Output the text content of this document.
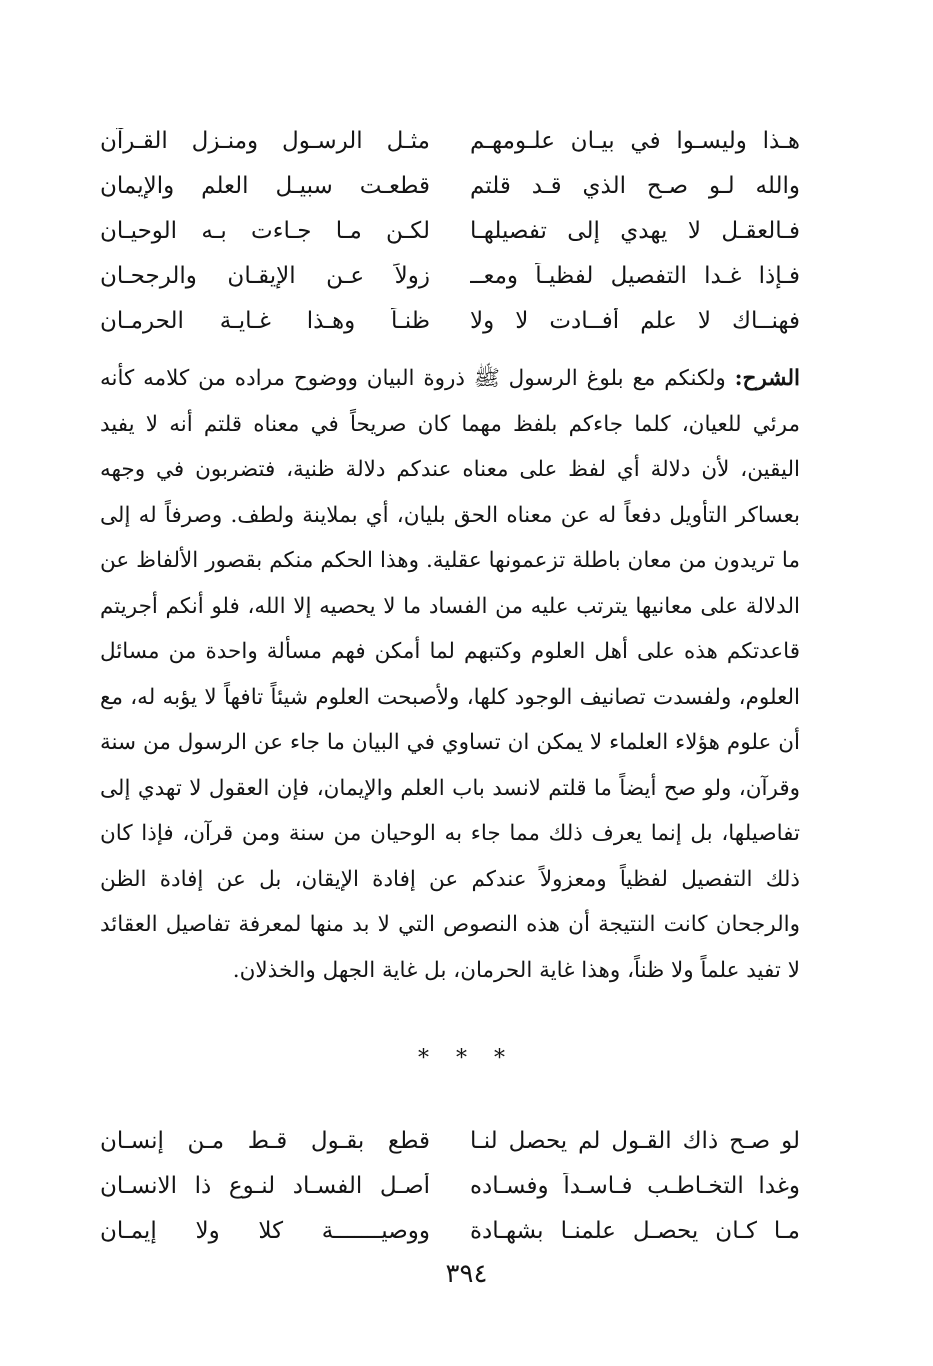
هـذا وليسـوا في بيـان علـومهـم
مثـل الرسـول ومنـزل القـرآن
والله لـو صـح الذي قـد قلتم
قطعـت سبيـل العلم والإيمان
فـالعقـل لا يهدي إلى تفصيلهـا
لكـن مـا جـاءت بـه الوحيـان
فـإذا غـدا التفصيل لفظيـاً ومعــ
زولاً عـن الإيقـان والرجحـان
فهنــاك لا علم أفــادت لا ولا
ظنـاً وهـذا غـايـة الحرمـان
الشرح: ولكنكم مع بلوغ الرسول ﷺ ذروة البيان ووضوح مراده من كلامه كأنه مرئي للعيان، كلما جاءكم بلفظ مهما كان صريحاً في معناه قلتم أنه لا يفيد اليقين، لأن دلالة أي لفظ على معناه عندكم دلالة ظنية، فتضربون في وجهه بعساكر التأويل دفعاً له عن معناه الحق بليان، أي بملاينة ولطف. وصرفاً له إلى ما تريدون من معان باطلة تزعمونها عقلية. وهذا الحكم منكم بقصور الألفاظ عن الدلالة على معانيها يترتب عليه من الفساد ما لا يحصيه إلا الله، فلو أنكم أجريتم قاعدتكم هذه على أهل العلوم وكتبهم لما أمكن فهم مسألة واحدة من مسائل العلوم، ولفسدت تصانيف الوجود كلها، ولأصبحت العلوم شيئاً تافهاً لا يؤبه له، مع أن علوم هؤلاء العلماء لا يمكن ان تساوي في البيان ما جاء عن الرسول من سنة وقرآن، ولو صح أيضاً ما قلتم لانسد باب العلم والإيمان، فإن العقول لا تهدي إلى تفاصيلها، بل إنما يعرف ذلك مما جاء به الوحيان من سنة ومن قرآن، فإذا كان ذلك التفصيل لفظياً ومعزولاً عندكم عن إفادة الإيقان، بل عن إفادة الظن والرجحان كانت النتيجة أن هذه النصوص التي لا بد منها لمعرفة تفاصيل العقائد لا تفيد علماً ولا ظناً، وهذا غاية الحرمان، بل غاية الجهل والخذلان.
* * *
لو صـح ذاك القـول لم يحصل لنـا
قطع بقـول قـط مـن إنسـان
وغدا التخـاطـب فـاسـداً وفسـاده
أصـل الفسـاد لنـوع ذا الانسـان
مـا كـان يحصـل علمنـا بشهـادة
ووصيـــــــة كلا ولا إيمـان
٣٩٤
